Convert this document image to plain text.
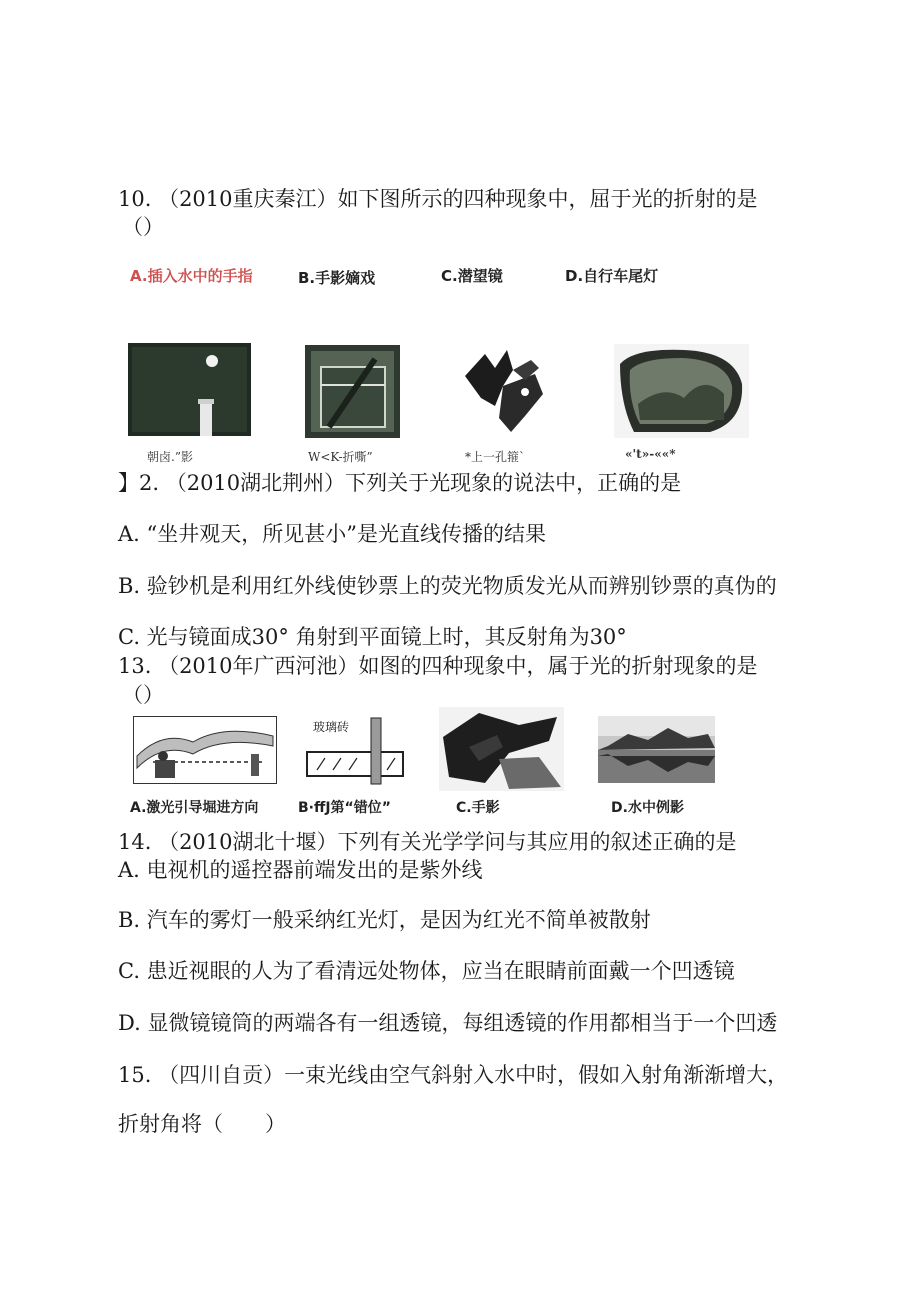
10. （2010重庆秦江）如下图所示的四种现象中，屈于光的折射的是
（）
A.插入水中的手指	B.手影嫡戏	C.潜望镜	D.自行车尾灯
朝卤.”影	W<K-折嘶”	*上一孔箍`	«'t»-««*
】2. （2010湖北荆州）下列关于光现象的说法中，正确的是
A. “坐井观天，所见甚小”是光直线传播的结果
B. 验钞机是利用红外线使钞票上的荧光物质发光从而辨别钞票的真伪的
C. 光与镜面成30° 角射到平面镜上时，其反射角为30°
13. （2010年广西河池）如图的四种现象中，属于光的折射现象的是
（）
玻璃砖
A.激光引导堀进方向	B·ffJ第“错位”	C.手影	D.水中例影
14. （2010湖北十堰）下列有关光学学问与其应用的叙述正确的是
A. 电视机的遥控器前端发出的是紫外线
B. 汽车的雾灯一般采纳红光灯，是因为红光不简单被散射
C. 患近视眼的人为了看清远处物体，应当在眼睛前面戴一个凹透镜
D. 显微镜镜筒的两端各有一组透镜，每组透镜的作用都相当于一个凹透
15. （四川自贡）一束光线由空气斜射入水中时，假如入射角渐渐增大，
折射角将（　　）
